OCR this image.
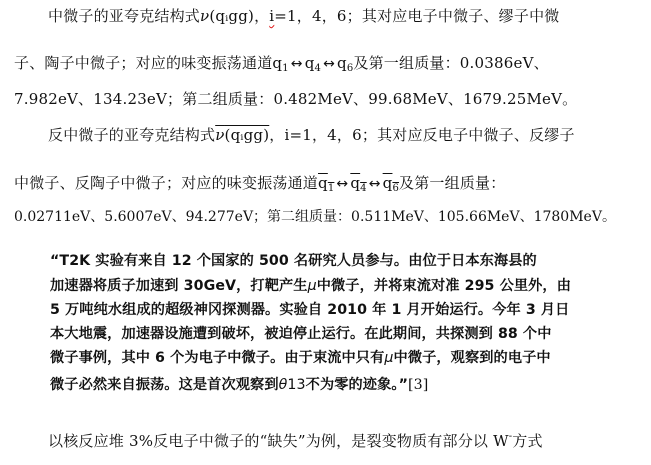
中微子的亚夸克结构式ν(qᵢgg)，i=1，4，6；其对应电子中微子、缪子中微
子、陶子中微子；对应的味变振荡通道$q_1$ ↔ $q_4$ ↔ $q_6$及第一组质量：0.0386eV、
7.982eV、134.23eV；第二组质量：0.482MeV、99.68MeV、1679.25MeV。
反中微子的亚夸克结构式$\overline{\nu}(qᵢgg)$，i=1，4，6；其对应反电子中微子、反缪子
中微子、反陶子中微子；对应的味变振荡通道$q_1$ ↔ $q_4$ ↔ $q_6$及第一组质量：
0.02711eV、5.6007eV、94.277eV；第二组质量：0.511MeV、105.66MeV、1780MeV。
“T2K 实验有来自 12 个国家的 500 名研究人员参与。由位于日本东海县的
加速器将质子加速到 30GeV，打靶产生μ中微子，并将束流对准 295 公里外，由
5 万吨纯水组成的超级神冈探测器。实验自 2010 年 1 月开始运行。今年 3 月日
本大地震，加速器设施遭到破坏，被迫停止运行。在此期间，共探测到 88 个中
微子事例，其中 6 个为电子中微子。由于束流中只有μ中微子，观察到的电子中
微子必然来自振荡。这是首次观察到θ13不为零的迹象。”[3]
以核反应堆 3%反电子中微子的“缺失”为例，是裂变物质有部分以 W-方式
